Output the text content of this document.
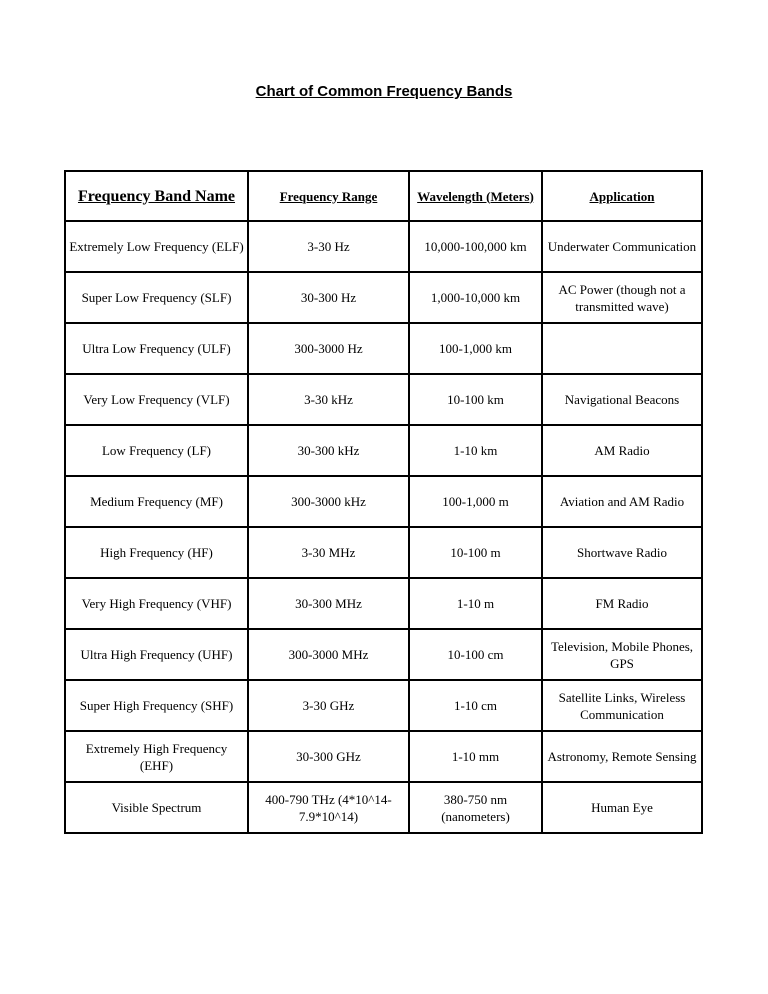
Chart of Common Frequency Bands
Frequency Band Name	Frequency Range	Wavelength (Meters)	Application
Extremely Low Frequency (ELF)	3-30 Hz	10,000-100,000 km	Underwater Communication
Super Low Frequency (SLF)	30-300 Hz	1,000-10,000 km	AC Power (though not a transmitted wave)
Ultra Low Frequency (ULF)	300-3000 Hz	100-1,000 km	
Very Low Frequency (VLF)	3-30 kHz	10-100 km	Navigational Beacons
Low Frequency (LF)	30-300 kHz	1-10 km	AM Radio
Medium Frequency (MF)	300-3000 kHz	100-1,000 m	Aviation and AM Radio
High Frequency (HF)	3-30 MHz	10-100 m	Shortwave Radio
Very High Frequency (VHF)	30-300 MHz	1-10 m	FM Radio
Ultra High Frequency (UHF)	300-3000 MHz	10-100 cm	Television, Mobile Phones, GPS
Super High Frequency (SHF)	3-30 GHz	1-10 cm	Satellite Links, Wireless Communication
Extremely High Frequency (EHF)	30-300 GHz	1-10 mm	Astronomy, Remote Sensing
Visible Spectrum	400-790 THz (4*10^14-7.9*10^14)	380-750 nm (nanometers)	Human Eye
